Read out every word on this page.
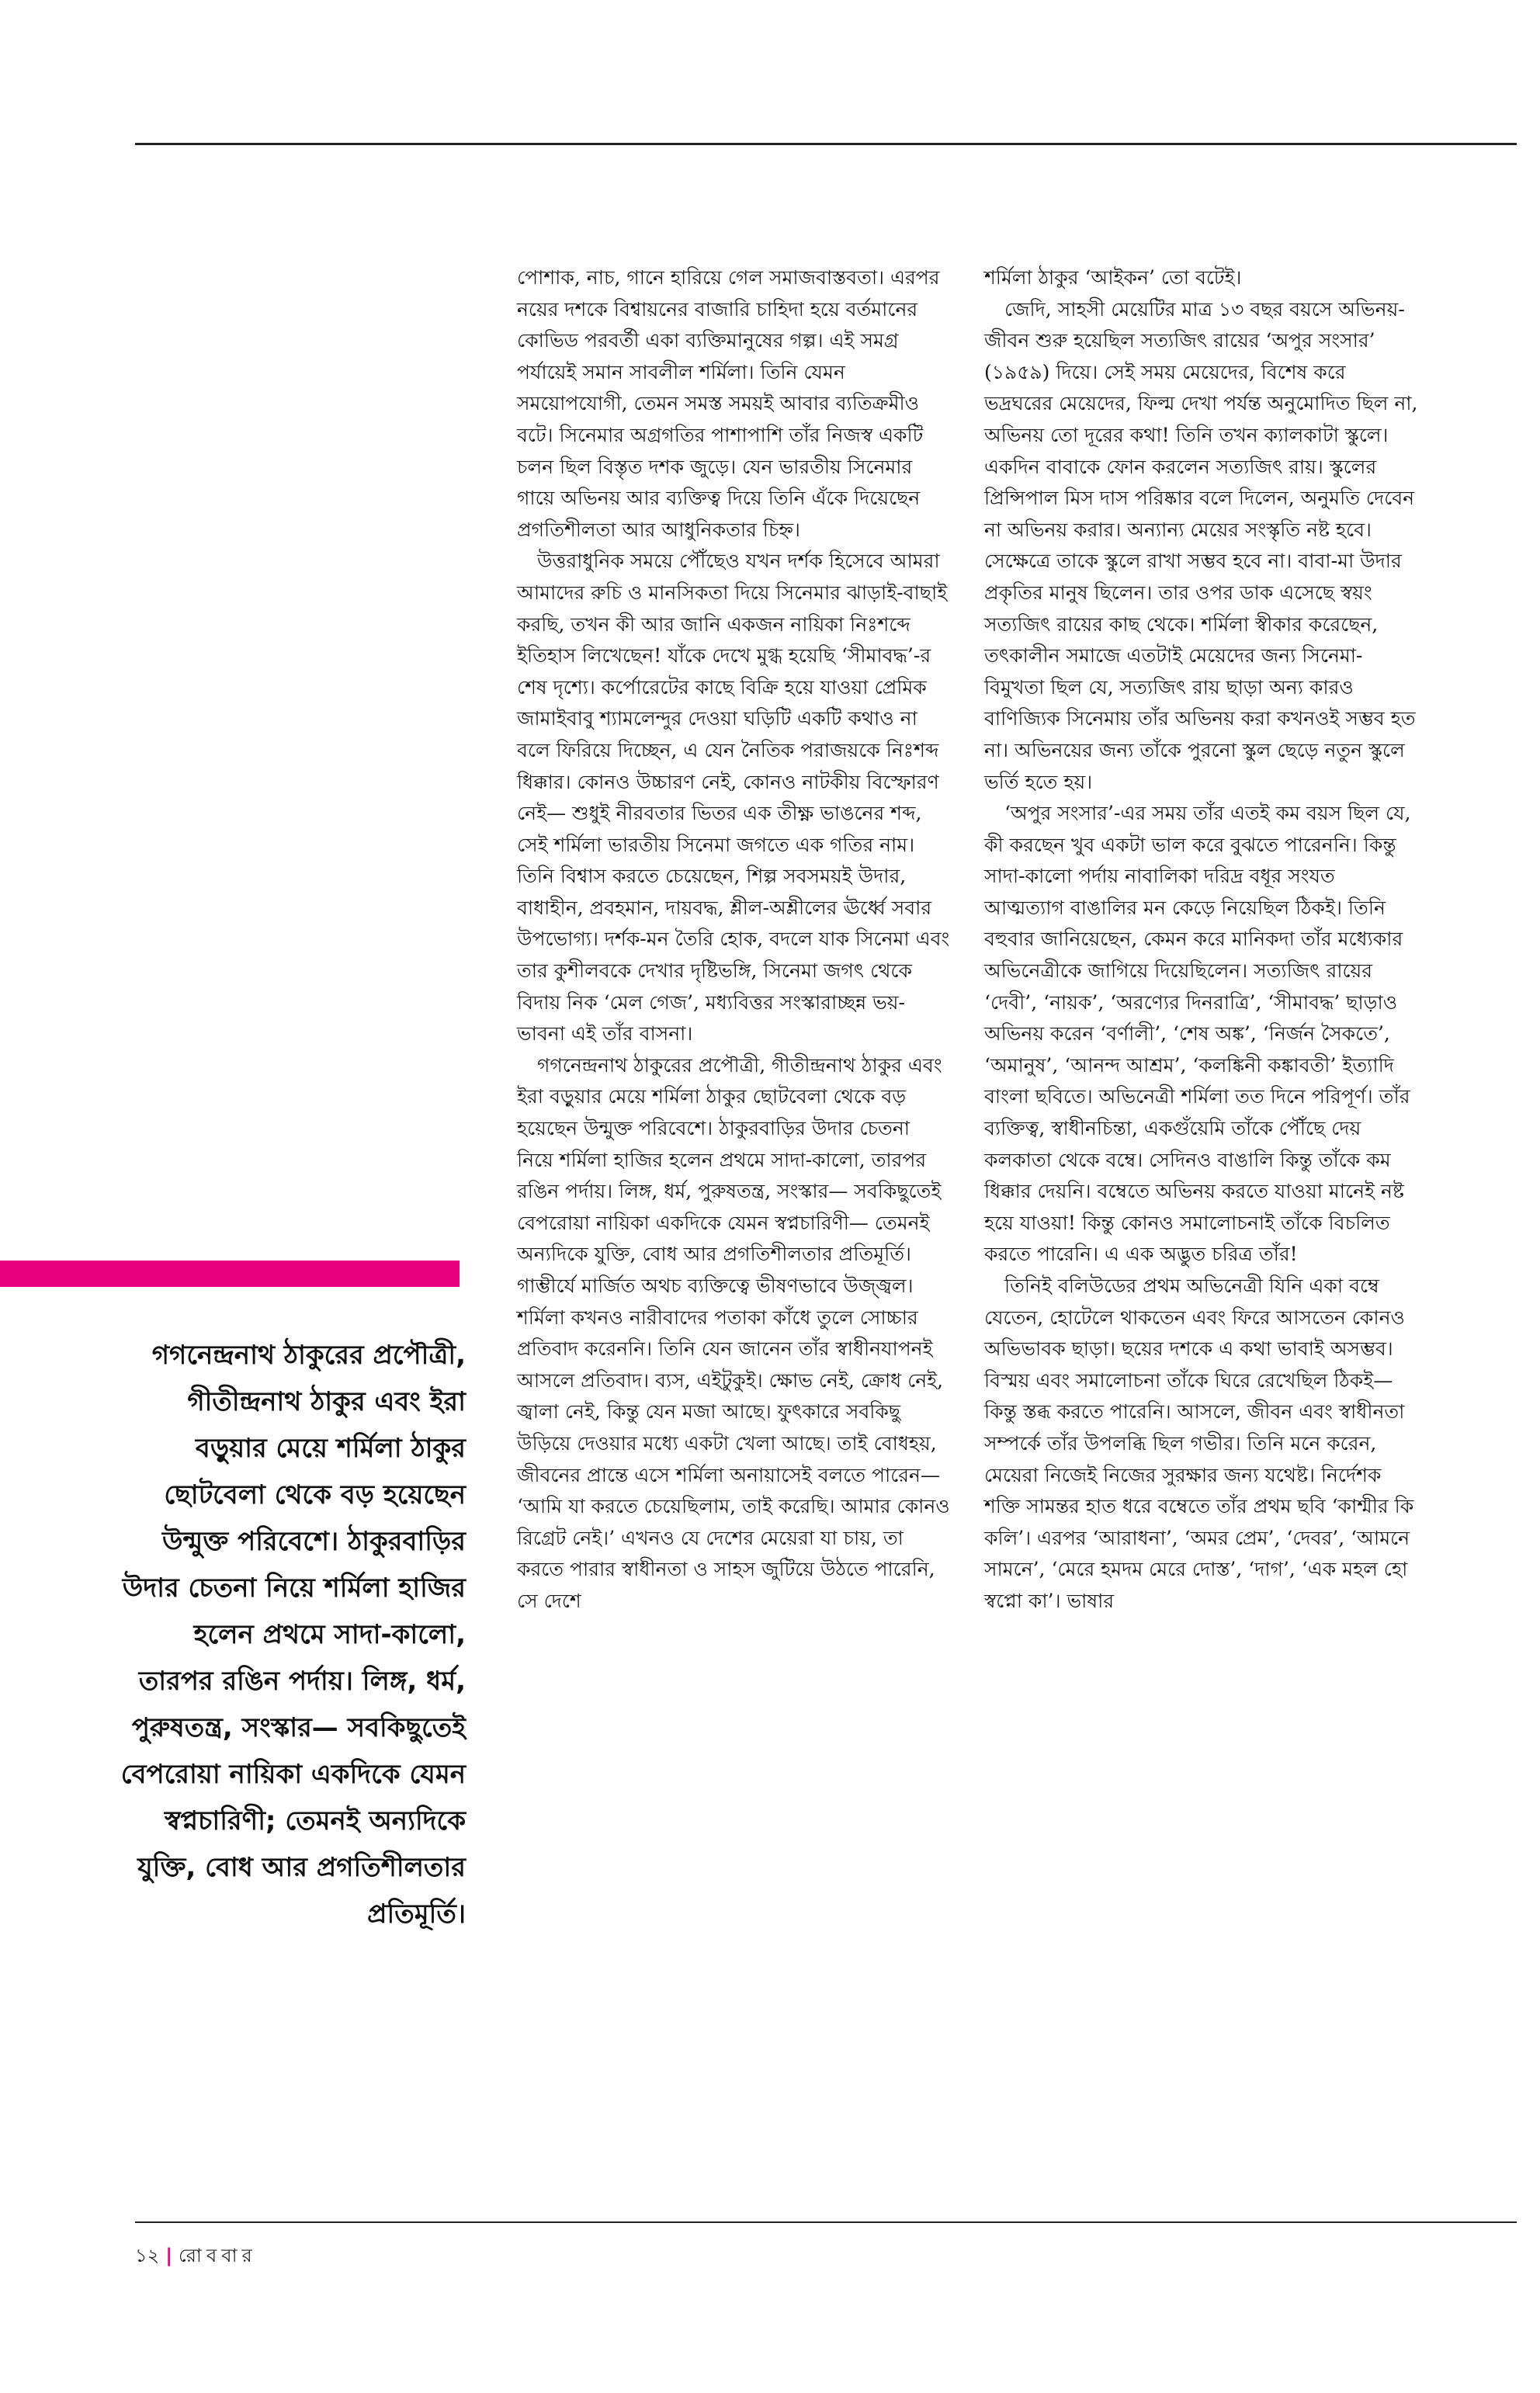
গগনেন্দ্রনাথ ঠাকুরের প্রপৌত্রী, গীতীন্দ্রনাথ ঠাকুর এবং ইরা বড়ুয়ার মেয়ে শর্মিলা ঠাকুর ছোটবেলা থেকে বড় হয়েছেন উন্মুক্ত পরিবেশে। ঠাকুরবাড়ির উদার চেতনা নিয়ে শর্মিলা হাজির হলেন প্রথমে সাদা-কালো, তারপর রঙিন পর্দায়। লিঙ্গ, ধর্ম, পুরুষতন্ত্র, সংস্কার— সবকিছুতেই বেপরোয়া নায়িকা একদিকে যেমন স্বপ্নচারিণী; তেমনই অন্যদিকে যুক্তি, বোধ আর প্রগতিশীলতার প্রতিমূর্তি।

পোশাক, নাচ, গানে হারিয়ে গেল সমাজবাস্তবতা। এরপর নয়ের দশকে বিশ্বায়নের বাজারি চাহিদা হয়ে বর্তমানের কোভিড পরবর্তী একা ব্যক্তিমানুষের গল্প। এই সমগ্র পর্যায়েই সমান সাবলীল শর্মিলা। তিনি যেমন সময়োপযোগী, তেমন সমস্ত সময়ই আবার ব্যতিক্রমীও বটে। সিনেমার অগ্রগতির পাশাপাশি তাঁর নিজস্ব একটি চলন ছিল বিস্তৃত দশক জুড়ে। যেন ভারতীয় সিনেমার গায়ে অভিনয় আর ব্যক্তিত্ব দিয়ে তিনি এঁকে দিয়েছেন প্রগতিশীলতা আর আধুনিকতার চিহ্ন।

উত্তরাধুনিক সময়ে পৌঁছেও যখন দর্শক হিসেবে আমরা আমাদের রুচি ও মানসিকতা দিয়ে সিনেমার ঝাড়াই-বাছাই করছি, তখন কী আর জানি একজন নায়িকা নিঃশব্দে ইতিহাস লিখেছেন! যাঁকে দেখে মুগ্ধ হয়েছি ‘সীমাবদ্ধ’-র শেষ দৃশ্যে। কর্পোরেটের কাছে বিক্রি হয়ে যাওয়া প্রেমিক জামাইবাবু শ্যামলেন্দুর দেওয়া ঘড়িটি একটি কথাও না বলে ফিরিয়ে দিচ্ছেন, এ যেন নৈতিক পরাজয়কে নিঃশব্দ ধিক্কার। কোনও উচ্চারণ নেই, কোনও নাটকীয় বিস্ফোরণ নেই— শুধুই নীরবতার ভিতর এক তীক্ষ্ণ ভাঙনের শব্দ, সেই শর্মিলা ভারতীয় সিনেমা জগতে এক গতির নাম। তিনি বিশ্বাস করতে চেয়েছেন, শিল্প সবসময়ই উদার, বাধাহীন, প্রবহমান, দায়বদ্ধ, শ্লীল-অশ্লীলের ঊর্ধ্বে সবার উপভোগ্য। দর্শক-মন তৈরি হোক, বদলে যাক সিনেমা এবং তার কুশীলবকে দেখার দৃষ্টিভঙ্গি, সিনেমা জগৎ থেকে বিদায় নিক ‘মেল গেজ’, মধ্যবিত্তর সংস্কারাচ্ছন্ন ভয়-ভাবনা এই তাঁর বাসনা।

গগনেন্দ্রনাথ ঠাকুরের প্রপৌত্রী, গীতীন্দ্রনাথ ঠাকুর এবং ইরা বড়ুয়ার মেয়ে শর্মিলা ঠাকুর ছোটবেলা থেকে বড় হয়েছেন উন্মুক্ত পরিবেশে। ঠাকুরবাড়ির উদার চেতনা নিয়ে শর্মিলা হাজির হলেন প্রথমে সাদা-কালো, তারপর রঙিন পর্দায়। লিঙ্গ, ধর্ম, পুরুষতন্ত্র, সংস্কার— সবকিছুতেই বেপরোয়া নায়িকা একদিকে যেমন স্বপ্নচারিণী— তেমনই অন্যদিকে যুক্তি, বোধ আর প্রগতিশীলতার প্রতিমূর্তি। গাম্ভীর্যে মার্জিত অথচ ব্যক্তিত্বে ভীষণভাবে উজ্জ্বল। শর্মিলা কখনও নারীবাদের পতাকা কাঁধে তুলে সোচ্চার প্রতিবাদ করেননি। তিনি যেন জানেন তাঁর স্বাধীনযাপনই আসলে প্রতিবাদ। ব্যস, এইটুকুই। ক্ষোভ নেই, ক্রোধ নেই, জ্বালা নেই, কিন্তু যেন মজা আছে। ফুৎকারে সবকিছু উড়িয়ে দেওয়ার মধ্যে একটা খেলা আছে। তাই বোধহয়, জীবনের প্রান্তে এসে শর্মিলা অনায়াসেই বলতে পারেন— ‘আমি যা করতে চেয়েছিলাম, তাই করেছি। আমার কোনও রিগ্রেট নেই।’ এখনও যে দেশের মেয়েরা যা চায়, তা করতে পারার স্বাধীনতা ও সাহস জুটিয়ে উঠতে পারেনি, সে দেশে

শর্মিলা ঠাকুর ‘আইকন’ তো বটেই।

জেদি, সাহসী মেয়েটির মাত্র ১৩ বছর বয়সে অভিনয়-জীবন শুরু হয়েছিল সত্যজিৎ রায়ের ‘অপুর সংসার’ (১৯৫৯) দিয়ে। সেই সময় মেয়েদের, বিশেষ করে ভদ্রঘরের মেয়েদের, ফিল্ম দেখা পর্যন্ত অনুমোদিত ছিল না, অভিনয় তো দূরের কথা! তিনি তখন ক্যালকাটা স্কুলে। একদিন বাবাকে ফোন করলেন সত্যজিৎ রায়। স্কুলের প্রিন্সিপাল মিস দাস পরিষ্কার বলে দিলেন, অনুমতি দেবেন না অভিনয় করার। অন্যান্য মেয়ের সংস্কৃতি নষ্ট হবে। সেক্ষেত্রে তাকে স্কুলে রাখা সম্ভব হবে না। বাবা-মা উদার প্রকৃতির মানুষ ছিলেন। তার ওপর ডাক এসেছে স্বয়ং সত্যজিৎ রায়ের কাছ থেকে। শর্মিলা স্বীকার করেছেন, তৎকালীন সমাজে এতটাই মেয়েদের জন্য সিনেমা-বিমুখতা ছিল যে, সত্যজিৎ রায় ছাড়া অন্য কারও বাণিজ্যিক সিনেমায় তাঁর অভিনয় করা কখনওই সম্ভব হত না। অভিনয়ের জন্য তাঁকে পুরনো স্কুল ছেড়ে নতুন স্কুলে ভর্তি হতে হয়।

‘অপুর সংসার’-এর সময় তাঁর এতই কম বয়স ছিল যে, কী করছেন খুব একটা ভাল করে বুঝতে পারেননি। কিন্তু সাদা-কালো পর্দায় নাবালিকা দরিদ্র বধূর সংযত আত্মত্যাগ বাঙালির মন কেড়ে নিয়েছিল ঠিকই। তিনি বহুবার জানিয়েছেন, কেমন করে মানিকদা তাঁর মধ্যেকার অভিনেত্রীকে জাগিয়ে দিয়েছিলেন। সত্যজিৎ রায়ের ‘দেবী’, ‘নায়ক’, ‘অরণ্যের দিনরাত্রি’, ‘সীমাবদ্ধ’ ছাড়াও অভিনয় করেন ‘বর্ণালী’, ‘শেষ অঙ্ক’, ‘নির্জন সৈকতে’, ‘অমানুষ’, ‘আনন্দ আশ্রম’, ‘কলঙ্কিনী কঙ্কাবতী’ ইত্যাদি বাংলা ছবিতে। অভিনেত্রী শর্মিলা তত দিনে পরিপূর্ণ। তাঁর ব্যক্তিত্ব, স্বাধীনচিন্তা, একগুঁয়েমি তাঁকে পৌঁছে দেয় কলকাতা থেকে বম্বে। সেদিনও বাঙালি কিন্তু তাঁকে কম ধিক্কার দেয়নি। বম্বেতে অভিনয় করতে যাওয়া মানেই নষ্ট হয়ে যাওয়া! কিন্তু কোনও সমালোচনাই তাঁকে বিচলিত করতে পারেনি। এ এক অদ্ভুত চরিত্র তাঁর!

তিনিই বলিউডের প্রথম অভিনেত্রী যিনি একা বম্বে যেতেন, হোটেলে থাকতেন এবং ফিরে আসতেন কোনও অভিভাবক ছাড়া। ছয়ের দশকে এ কথা ভাবাই অসম্ভব। বিস্ময় এবং সমালোচনা তাঁকে ঘিরে রেখেছিল ঠিকই— কিন্তু স্তব্ধ করতে পারেনি। আসলে, জীবন এবং স্বাধীনতা সম্পর্কে তাঁর উপলব্ধি ছিল গভীর। তিনি মনে করেন, মেয়েরা নিজেই নিজের সুরক্ষার জন্য যথেষ্ট। নির্দেশক শক্তি সামন্তর হাত ধরে বম্বেতে তাঁর প্রথম ছবি ‘কাশ্মীর কি কলি’। এরপর ‘আরাধনা’, ‘অমর প্রেম’, ‘দেবর’, ‘আমনে সামনে’, ‘মেরে হমদম মেরে দোস্ত’, ‘দাগ’, ‘এক মহল হো স্বপ্নো কা’। ভাষার

১২ | রোববার
